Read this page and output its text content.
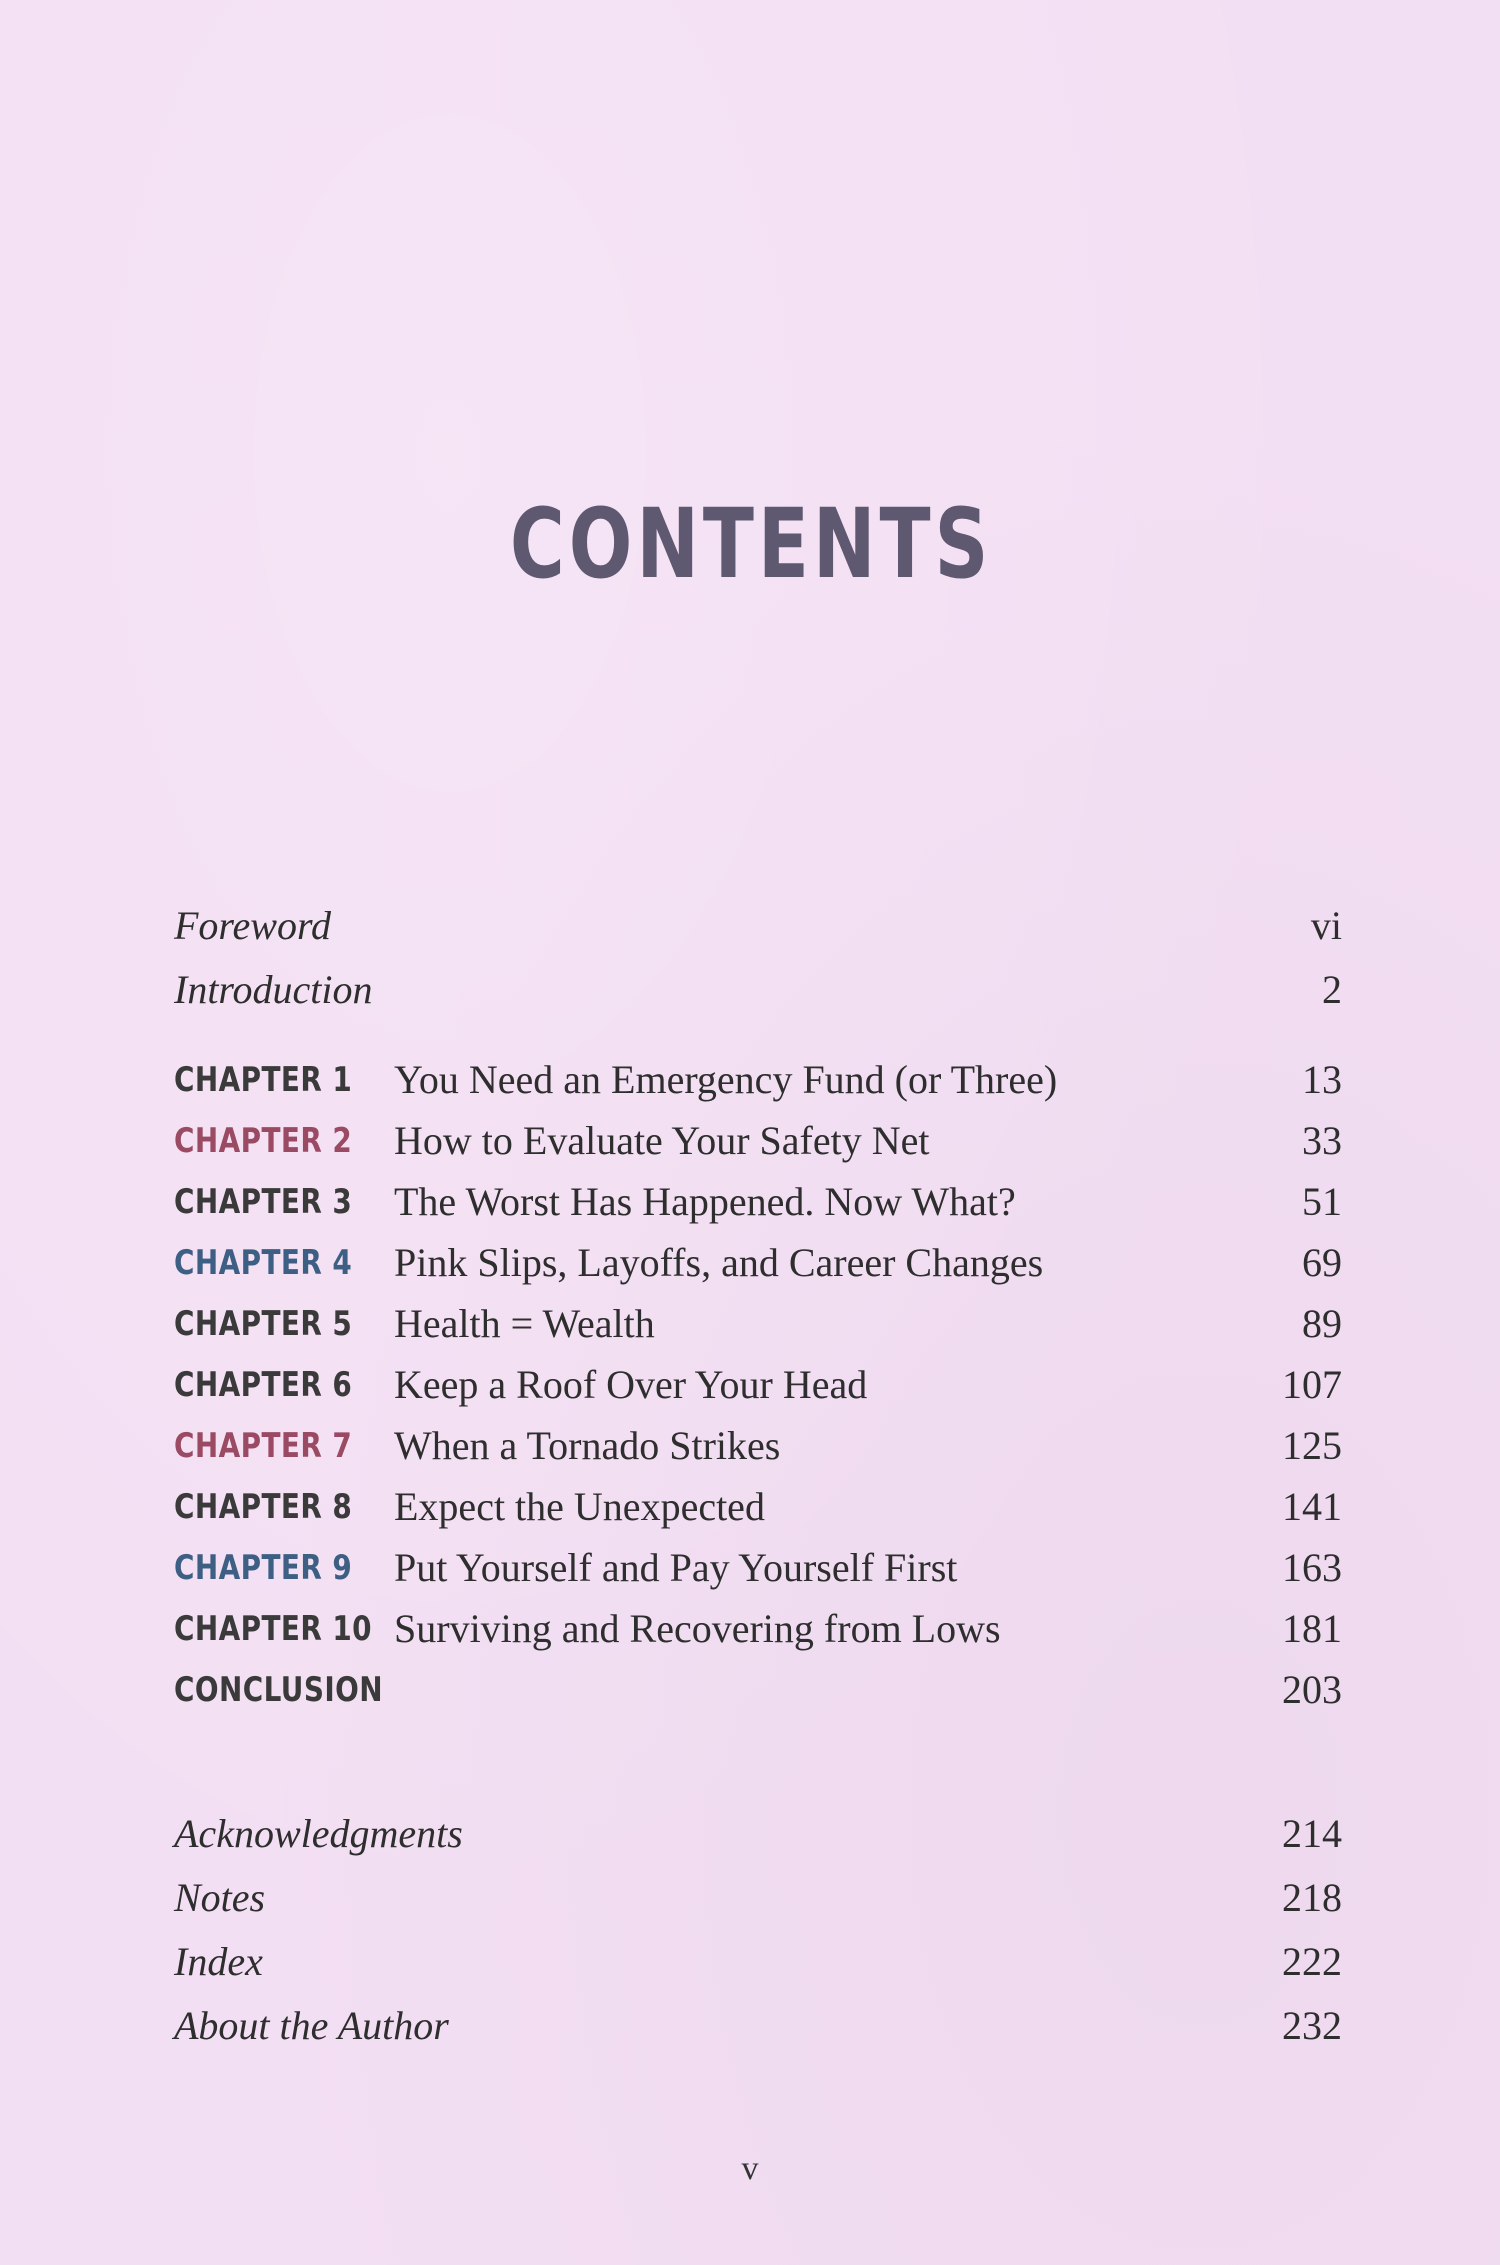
CONTENTS
Foreword	vi
Introduction	2
CHAPTER 1 You Need an Emergency Fund (or Three)	13
CHAPTER 2 How to Evaluate Your Safety Net	33
CHAPTER 3 The Worst Has Happened. Now What?	51
CHAPTER 4 Pink Slips, Layoffs, and Career Changes	69
CHAPTER 5 Health = Wealth	89
CHAPTER 6 Keep a Roof Over Your Head	107
CHAPTER 7 When a Tornado Strikes	125
CHAPTER 8 Expect the Unexpected	141
CHAPTER 9 Put Yourself and Pay Yourself First	163
CHAPTER 10 Surviving and Recovering from Lows	181
CONCLUSION	203
Acknowledgments	214
Notes	218
Index	222
About the Author	232
v
